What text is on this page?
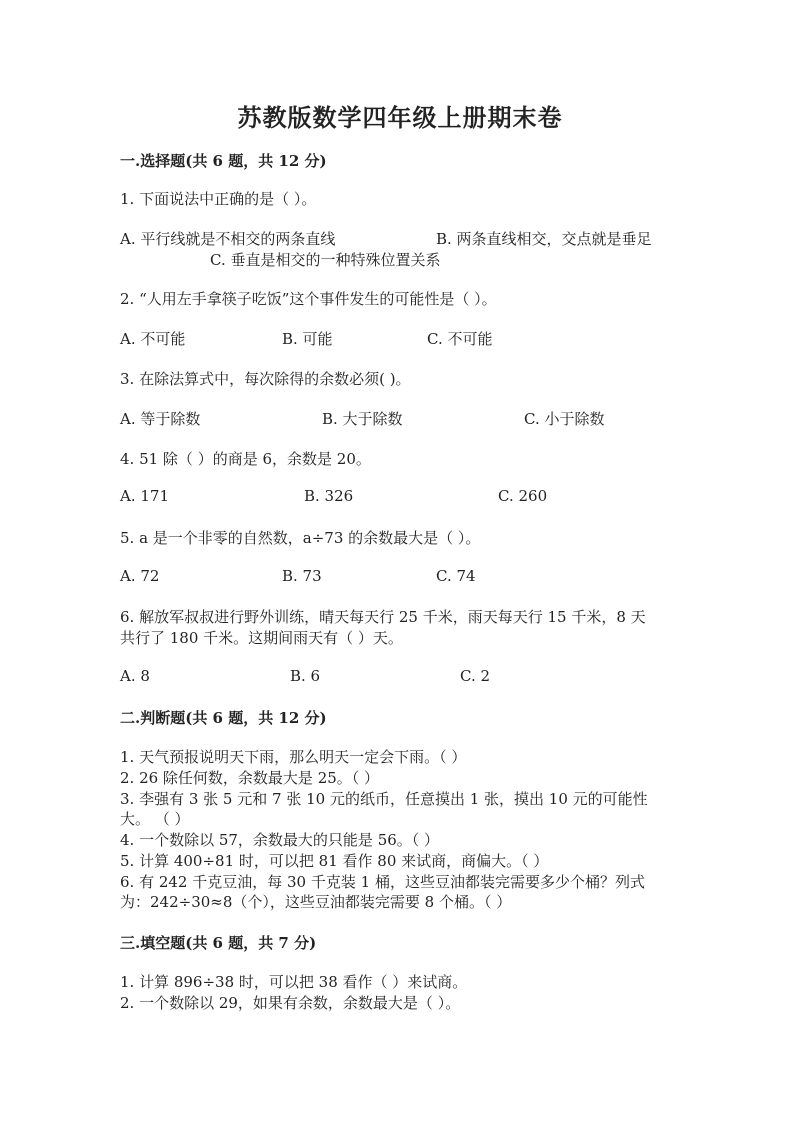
苏教版数学四年级上册期末卷
一.选择题(共 6 题，共 12 分)
1. 下面说法中正确的是（ ）。
A. 平行线就是不相交的两条直线	B. 两条直线相交，交点就是垂足
C. 垂直是相交的一种特殊位置关系
2. “人用左手拿筷子吃饭”这个事件发生的可能性是（ ）。
A. 不可能	B. 可能	C. 不可能
3. 在除法算式中，每次除得的余数必须( )。
A. 等于除数	B. 大于除数	C. 小于除数
4. 51 除（ ）的商是 6，余数是 20。
A. 171	B. 326	C. 260
5. a 是一个非零的自然数，a÷73 的余数最大是（ ）。
A. 72	B. 73	C. 74
6. 解放军叔叔进行野外训练，晴天每天行 25 千米，雨天每天行 15 千米，8 天
共行了 180 千米。这期间雨天有（ ）天。
A. 8	B. 6	C. 2
二.判断题(共 6 题，共 12 分)
1. 天气预报说明天下雨，那么明天一定会下雨。（ ）
2. 26 除任何数，余数最大是 25。（ ）
3. 李强有 3 张 5 元和 7 张 10 元的纸币，任意摸出 1 张，摸出 10 元的可能性
大。 （ ）
4. 一个数除以 57，余数最大的只能是 56。（ ）
5. 计算 400÷81 时，可以把 81 看作 80 来试商，商偏大。（ ）
6. 有 242 千克豆油，每 30 千克装 1 桶，这些豆油都装完需要多少个桶？列式
为：242÷30≈8（个），这些豆油都装完需要 8 个桶。（ ）
三.填空题(共 6 题，共 7 分)
1. 计算 896÷38 时，可以把 38 看作（ ）来试商。
2. 一个数除以 29，如果有余数，余数最大是（ ）。
